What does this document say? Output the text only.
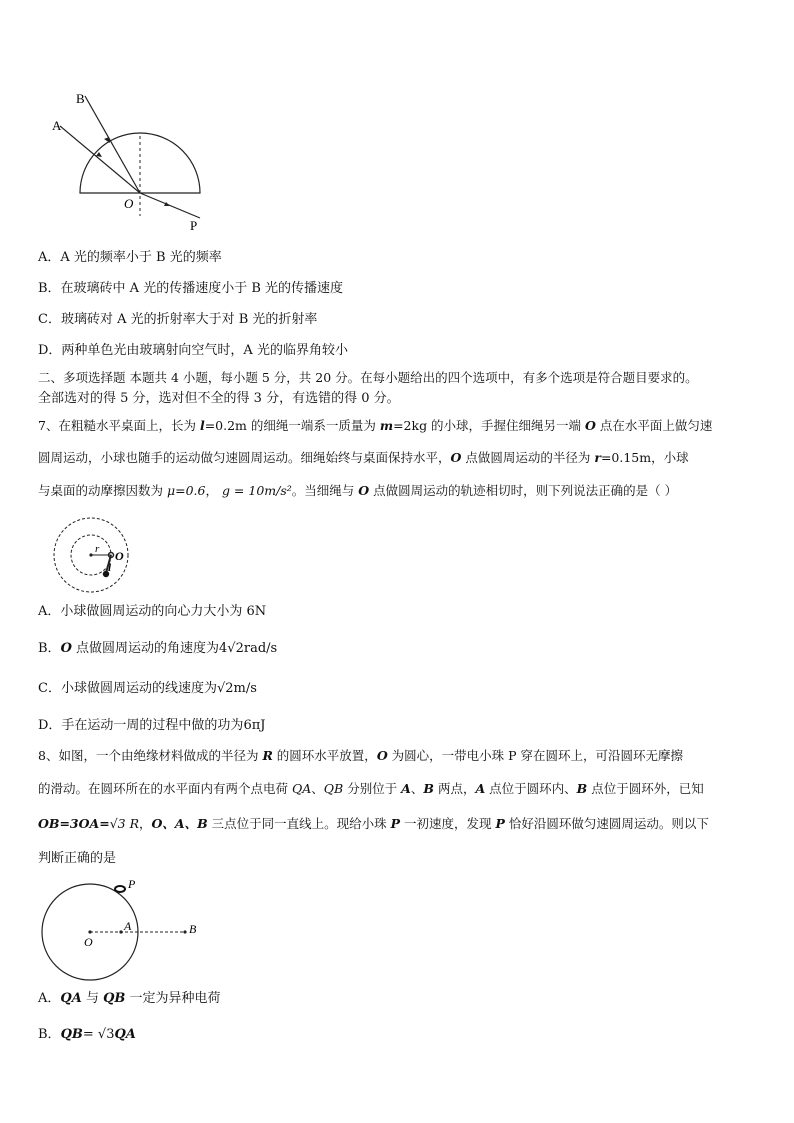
A
B
O
P
A．A 光的频率小于 B 光的频率
B．在玻璃砖中 A 光的传播速度小于 B 光的传播速度
C．玻璃砖对 A 光的折射率大于对 B 光的折射率
D．两种单色光由玻璃射向空气时，A 光的临界角较小
二、多项选择题 本题共 4 小题，每小题 5 分，共 20 分。在每小题给出的四个选项中，有多个选项是符合题目要求的。
全部选对的得 5 分，选对但不全的得 3 分，有选错的得 0 分。
7、在粗糙水平桌面上，长为 l=0.2m 的细绳一端系一质量为 m=2kg 的小球，手握住细绳另一端 O 点在水平面上做匀速
圆周运动，小球也随手的运动做匀速圆周运动。细绳始终与桌面保持水平，O 点做圆周运动的半径为 r=0.15m，小球
与桌面的动摩擦因数为 μ=0.6， g = 10m/s²。当细绳与 O 点做圆周运动的轨迹相切时，则下列说法正确的是（ ）
r O
l
A．小球做圆周运动的向心力大小为 6N
B．O 点做圆周运动的角速度为4√2rad/s
C．小球做圆周运动的线速度为√2m/s
D．手在运动一周的过程中做的功为6πJ
8、如图，一个由绝缘材料做成的半径为 R 的圆环水平放置，O 为圆心，一带电小珠 P 穿在圆环上，可沿圆环无摩擦
的滑动。在圆环所在的水平面内有两个点电荷 QA、QB 分别位于 A、B 两点，A 点位于圆环内、B 点位于圆环外，已知
OB=3OA=√3 R，O、A、B 三点位于同一直线上。现给小珠 P 一初速度，发现 P 恰好沿圆环做匀速圆周运动。则以下
判断正确的是
P
A	B
O
A．QA 与 QB 一定为异种电荷
B．QB= √3QA
